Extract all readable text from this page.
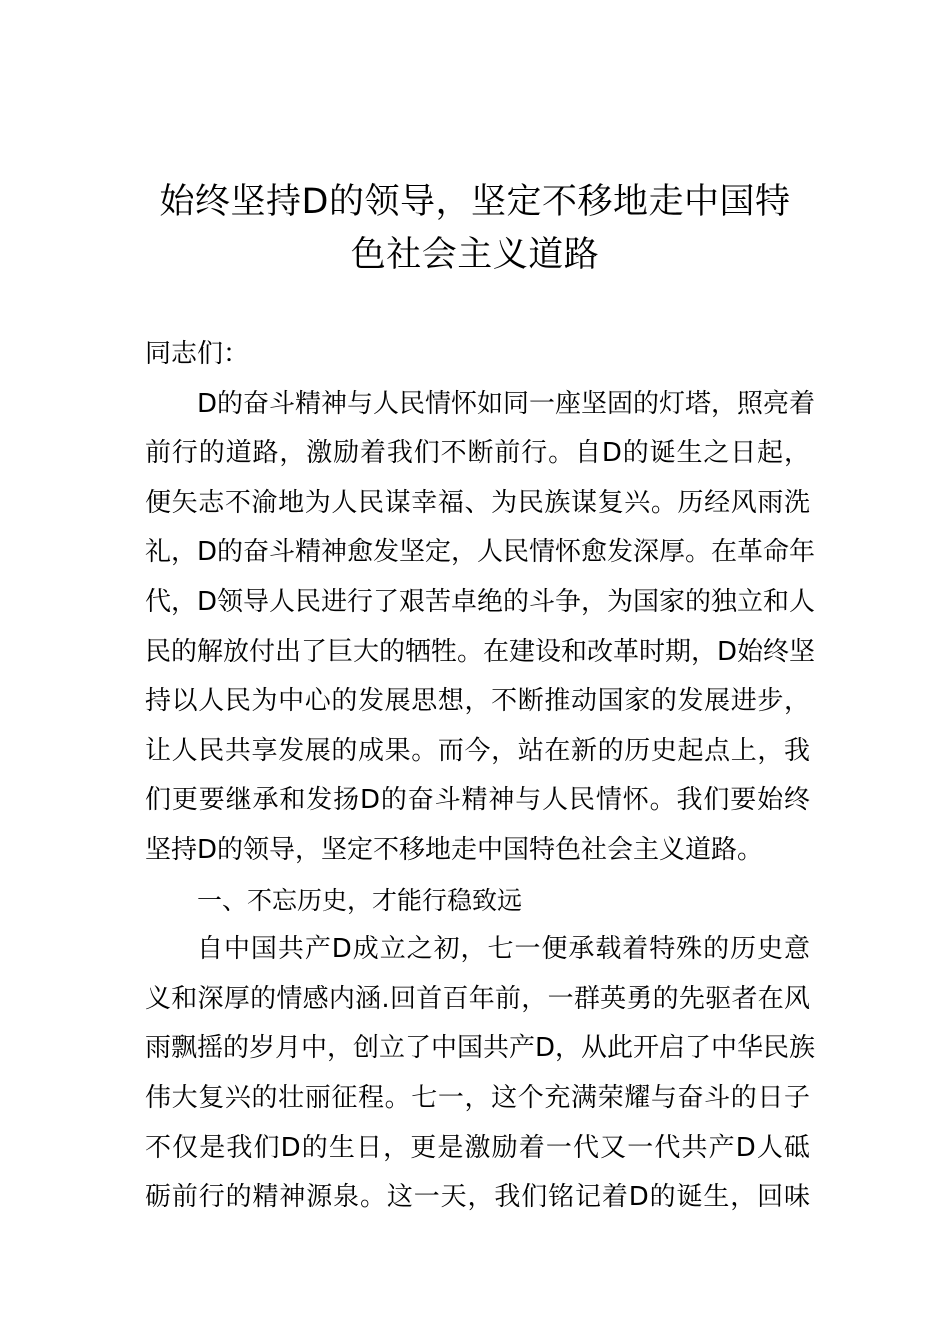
始终坚持D的领导，坚定不移地走中国特
色社会主义道路
同志们：
D的奋斗精神与人民情怀如同一座坚固的灯塔，照亮着
前行的道路，激励着我们不断前行。自D的诞生之日起，
便矢志不渝地为人民谋幸福、为民族谋复兴。历经风雨洗
礼，D的奋斗精神愈发坚定，人民情怀愈发深厚。在革命年
代，D领导人民进行了艰苦卓绝的斗争，为国家的独立和人
民的解放付出了巨大的牺牲。在建设和改革时期，D始终坚
持以人民为中心的发展思想，不断推动国家的发展进步，
让人民共享发展的成果。而今，站在新的历史起点上，我
们更要继承和发扬D的奋斗精神与人民情怀。我们要始终
坚持D的领导，坚定不移地走中国特色社会主义道路。
一、不忘历史，才能行稳致远
自中国共产D成立之初，七一便承载着特殊的历史意
义和深厚的情感内涵.回首百年前，一群英勇的先驱者在风
雨飘摇的岁月中，创立了中国共产D，从此开启了中华民族
伟大复兴的壮丽征程。七一，这个充满荣耀与奋斗的日子
不仅是我们D的生日，更是激励着一代又一代共产D人砥
砺前行的精神源泉。这一天，我们铭记着D的诞生，回味
